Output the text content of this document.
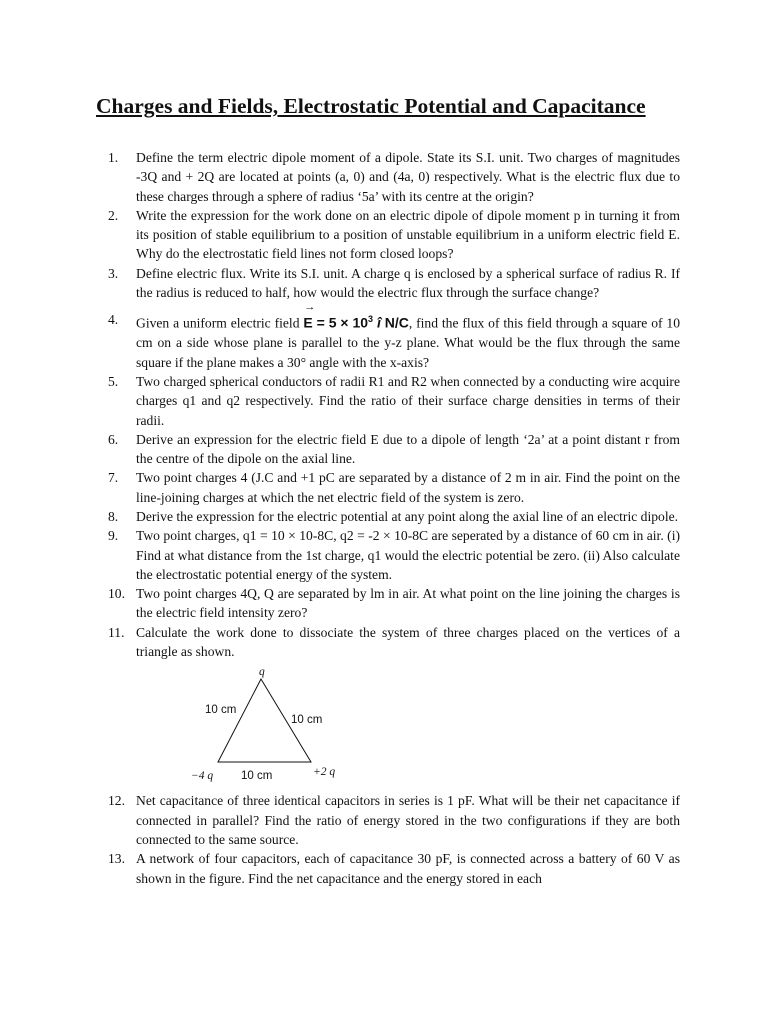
Charges and Fields, Electrostatic Potential and Capacitance
1.	Define the term electric dipole moment of a dipole. State its S.I. unit. Two charges of magnitudes -3Q and + 2Q are located at points (a, 0) and (4a, 0) respectively. What is the electric flux due to these charges through a sphere of radius ‘5a’ with its centre at the origin?
2.	Write the expression for the work done on an electric dipole of dipole moment p in turning it from its position of stable equilibrium to a position of unstable equilibrium in a uniform electric field E. Why do the electrostatic field lines not form closed loops?
3.	Define electric flux. Write its S.I. unit. A charge q is enclosed by a spherical surface of radius R. If the radius is reduced to half, how would the electric flux through the surface change?
4.	Given a uniform electric field
→
$E = 5 \times 10^3$ î N/C, find the flux of this field through a square of 10 cm on a side whose plane is parallel to the y-z plane. What would be the flux through the same square if the plane makes a 30° angle with the x-axis?
5.	Two charged spherical conductors of radii R1 and R2 when connected by a conducting wire acquire charges q1 and q2 respectively. Find the ratio of their surface charge densities in terms of their radii.
6.	Derive an expression for the electric field E due to a dipole of length ‘2a’ at a point distant r from the centre of the dipole on the axial line.
7.	Two point charges 4 (J.C and +1 pC are separated by a distance of 2 m in air. Find the point on the line-joining charges at which the net electric field of the system is zero.
8.	Derive the expression for the electric potential at any point along the axial line of an electric dipole.
9.	Two point charges, q1 = 10 × 10-8C, q2 = -2 × 10-8C are seperated by a distance of 60 cm in air. (i) Find at what distance from the 1st charge, q1 would the electric potential be zero. (ii) Also calculate the electrostatic potential energy of the system.
10. Two point charges 4Q, Q are separated by lm in air. At what point on the line joining the charges is the electric field intensity zero?
11. Calculate the work done to dissociate the system of three charges placed on the vertices of a triangle as shown.
q
10 cm
10 cm
−4 q 10 cm	+2 q
12. Net capacitance of three identical capacitors in series is 1 pF. What will be their net capacitance if connected in parallel? Find the ratio of energy stored in the two configurations if they are both connected to the same source.
13. A network of four capacitors, each of capacitance 30 pF, is connected across a battery of 60 V as shown in the figure. Find the net capacitance and the energy stored in each
